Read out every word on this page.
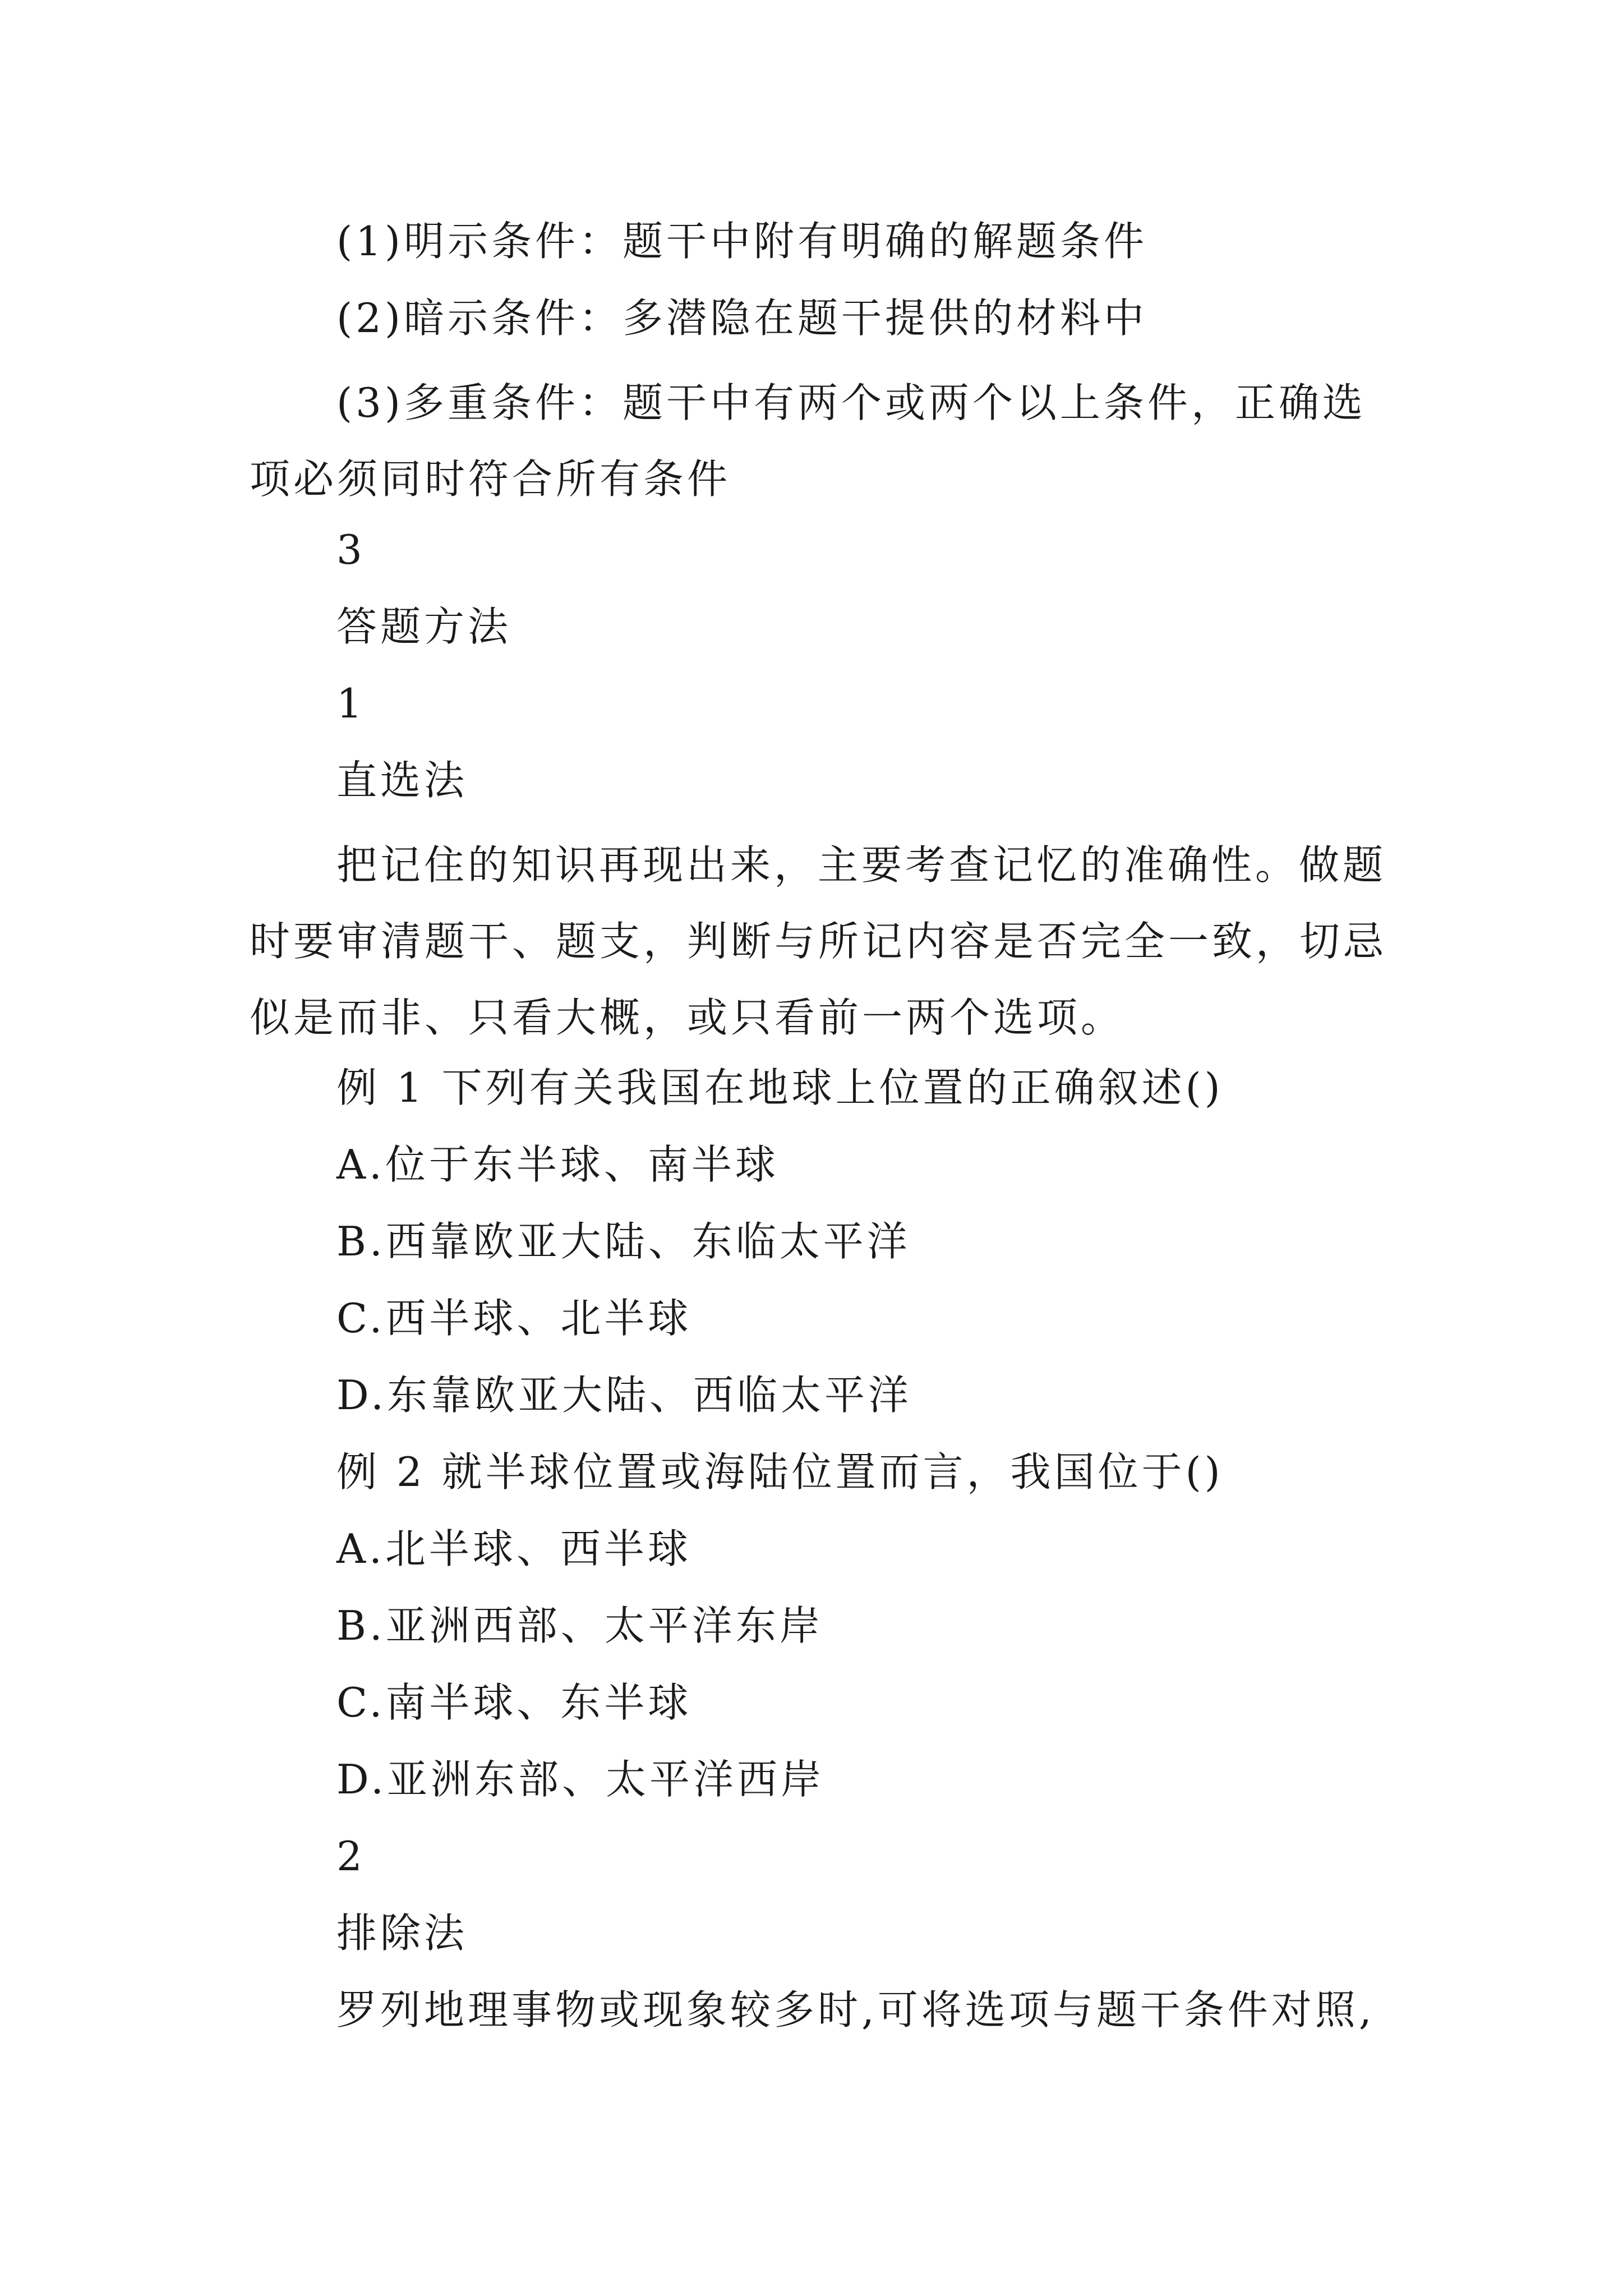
(1)明示条件：题干中附有明确的解题条件
(2)暗示条件：多潜隐在题干提供的材料中
(3)多重条件：题干中有两个或两个以上条件，正确选项必须同时符合所有条件
3
答题方法
1
直选法
把记住的知识再现出来，主要考查记忆的准确性。做题时要审清题干、题支，判断与所记内容是否完全一致，切忌似是而非、只看大概，或只看前一两个选项。
例 1 下列有关我国在地球上位置的正确叙述()
A.位于东半球、南半球
B.西靠欧亚大陆、东临太平洋
C.西半球、北半球
D.东靠欧亚大陆、西临太平洋
例 2 就半球位置或海陆位置而言，我国位于()
A.北半球、西半球
B.亚洲西部、太平洋东岸
C.南半球、东半球
D.亚洲东部、太平洋西岸
2
排除法
罗列地理事物或现象较多时,可将选项与题干条件对照,
